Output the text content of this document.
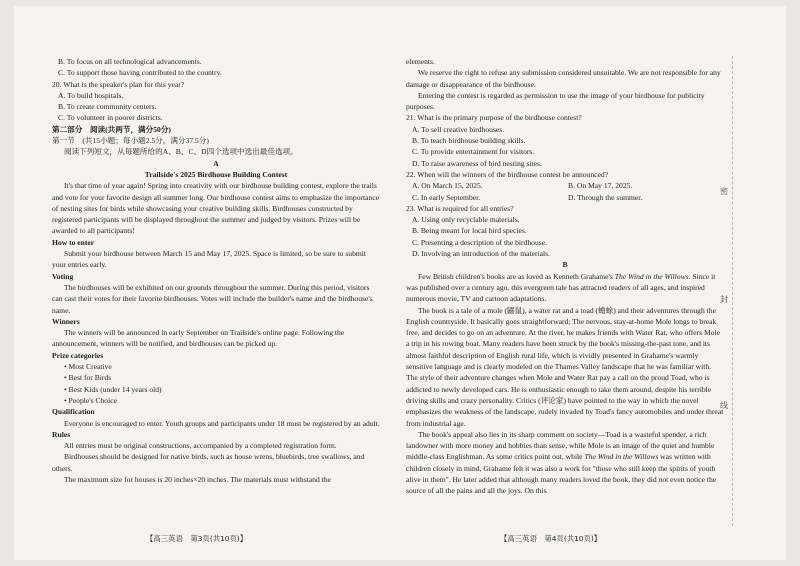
B. To focus on all technological advancements.

C. To support those having contributed to the country.

20. What is the speaker's plan for this year?

A. To build hospitals.

B. To create community centers.

C. To volunteer in poorer districts.

第二部分　阅读(共两节，满分50分)

第一节　(共15小题；每小题2.5分，满分37.5分)

阅读下列短文，从每题所给的A、B、C、D四个选项中选出最佳选项。

A

Trailside's 2025 Birdhouse Building Contest

It's that time of year again! Spring into creativity with our birdhouse building contest, explore the trails and vote for your favorite design all summer long. Our birdhouse contest aims to emphasize the importance of nesting sites for birds while showcasing your creative building skills. Birdhouses constructed by registered participants will be displayed throughout the summer and judged by visitors. Prizes will be awarded to all participants!

How to enter

Submit your birdhouse between March 15 and May 17, 2025. Space is limited, so be sure to submit your entries early.

Voting

The birdhouses will be exhibited on our grounds throughout the summer. During this period, visitors can cast their votes for their favorite birdhouses. Votes will include the builder's name and the birdhouse's name.

Winners

The winners will be announced in early September on Trailside's online page. Following the announcement, winners will be notified, and birdhouses can be picked up.

Prize categories

• Most Creative

• Best for Birds

• Best Kids (under 14 years old)

• People's Choice

Qualification

Everyone is encouraged to enter. Youth groups and participants under 18 must be registered by an adult.

Rules

All entries must be original constructions, accompanied by a completed registration form.

Birdhouses should be designed for native birds, such as house wrens, bluebirds, tree swallows, and others.

The maximum size for houses is 20 inches×20 inches. The materials must withstand the

elements.

We reserve the right to refuse any submission considered unsuitable. We are not responsible for any damage or disappearance of the birdhouse.

Entering the contest is regarded as permission to use the image of your birdhouse for publicity purposes.

21. What is the primary purpose of the birdhouse contest?

A. To sell creative birdhouses.

B. To teach birdhouse building skills.

C. To provide entertainment for visitors.

D. To raise awareness of bird nesting sites.

22. When will the winners of the birdhouse contest be announced?

A. On March 15, 2025.	B. On May 17, 2025.

C. In early September.	D. Through the summer.

23. What is required for all entries?

A. Using only recyclable materials.

B. Being meant for local bird species.

C. Presenting a description of the birdhouse.

D. Involving an introduction of the materials.

B

Few British children's books are as loved as Kenneth Grahame's The Wind in the Willows. Since it was published over a century ago, this evergreen tale has attracted readers of all ages, and inspired numerous movie, TV and cartoon adaptations.

The book is a tale of a mole (鼹鼠), a water rat and a toad (蟾蜍) and their adventures through the English countryside. It basically goes straightforward; The nervous, stay-at-home Mole longs to break free, and decides to go on an adventure. At the river, he makes friends with Water Rat, who offers Mole a trip in his rowing boat. Many readers have been struck by the book's missing-the-past tone, and its almost faithful description of English rural life, which is vividly presented in Grahame's warmly sensitive language and is clearly modeled on the Thames Valley landscape that he was familiar with. The style of their adventure changes when Mole and Water Rat pay a call on the proud Toad, who is addicted to newly developed cars. He is enthusiastic enough to take them around, despite his terrible driving skills and crazy personality. Critics (评论家) have pointed to the way in which the novel emphasizes the weakness of the landscape, rudely invaded by Toad's fancy automobiles and under threat from industrial age.

The book's appeal also lies in its sharp comment on society—Toad is a wasteful spender, a rich landowner with more money and hobbies than sense, while Mole is an image of the quiet and humble middle-class Englishman. As some critics point out, while The Wind in the Willows was written with children closely in mind, Grahame felt it was also a work for "those who still keep the spirits of youth alive in them". He later added that although many readers loved the book, they did not even notice the source of all the pains and all the joys. On this

密
封
线
【高三英语　第3页(共10页)】	【高三英语　第4页(共10页)】
